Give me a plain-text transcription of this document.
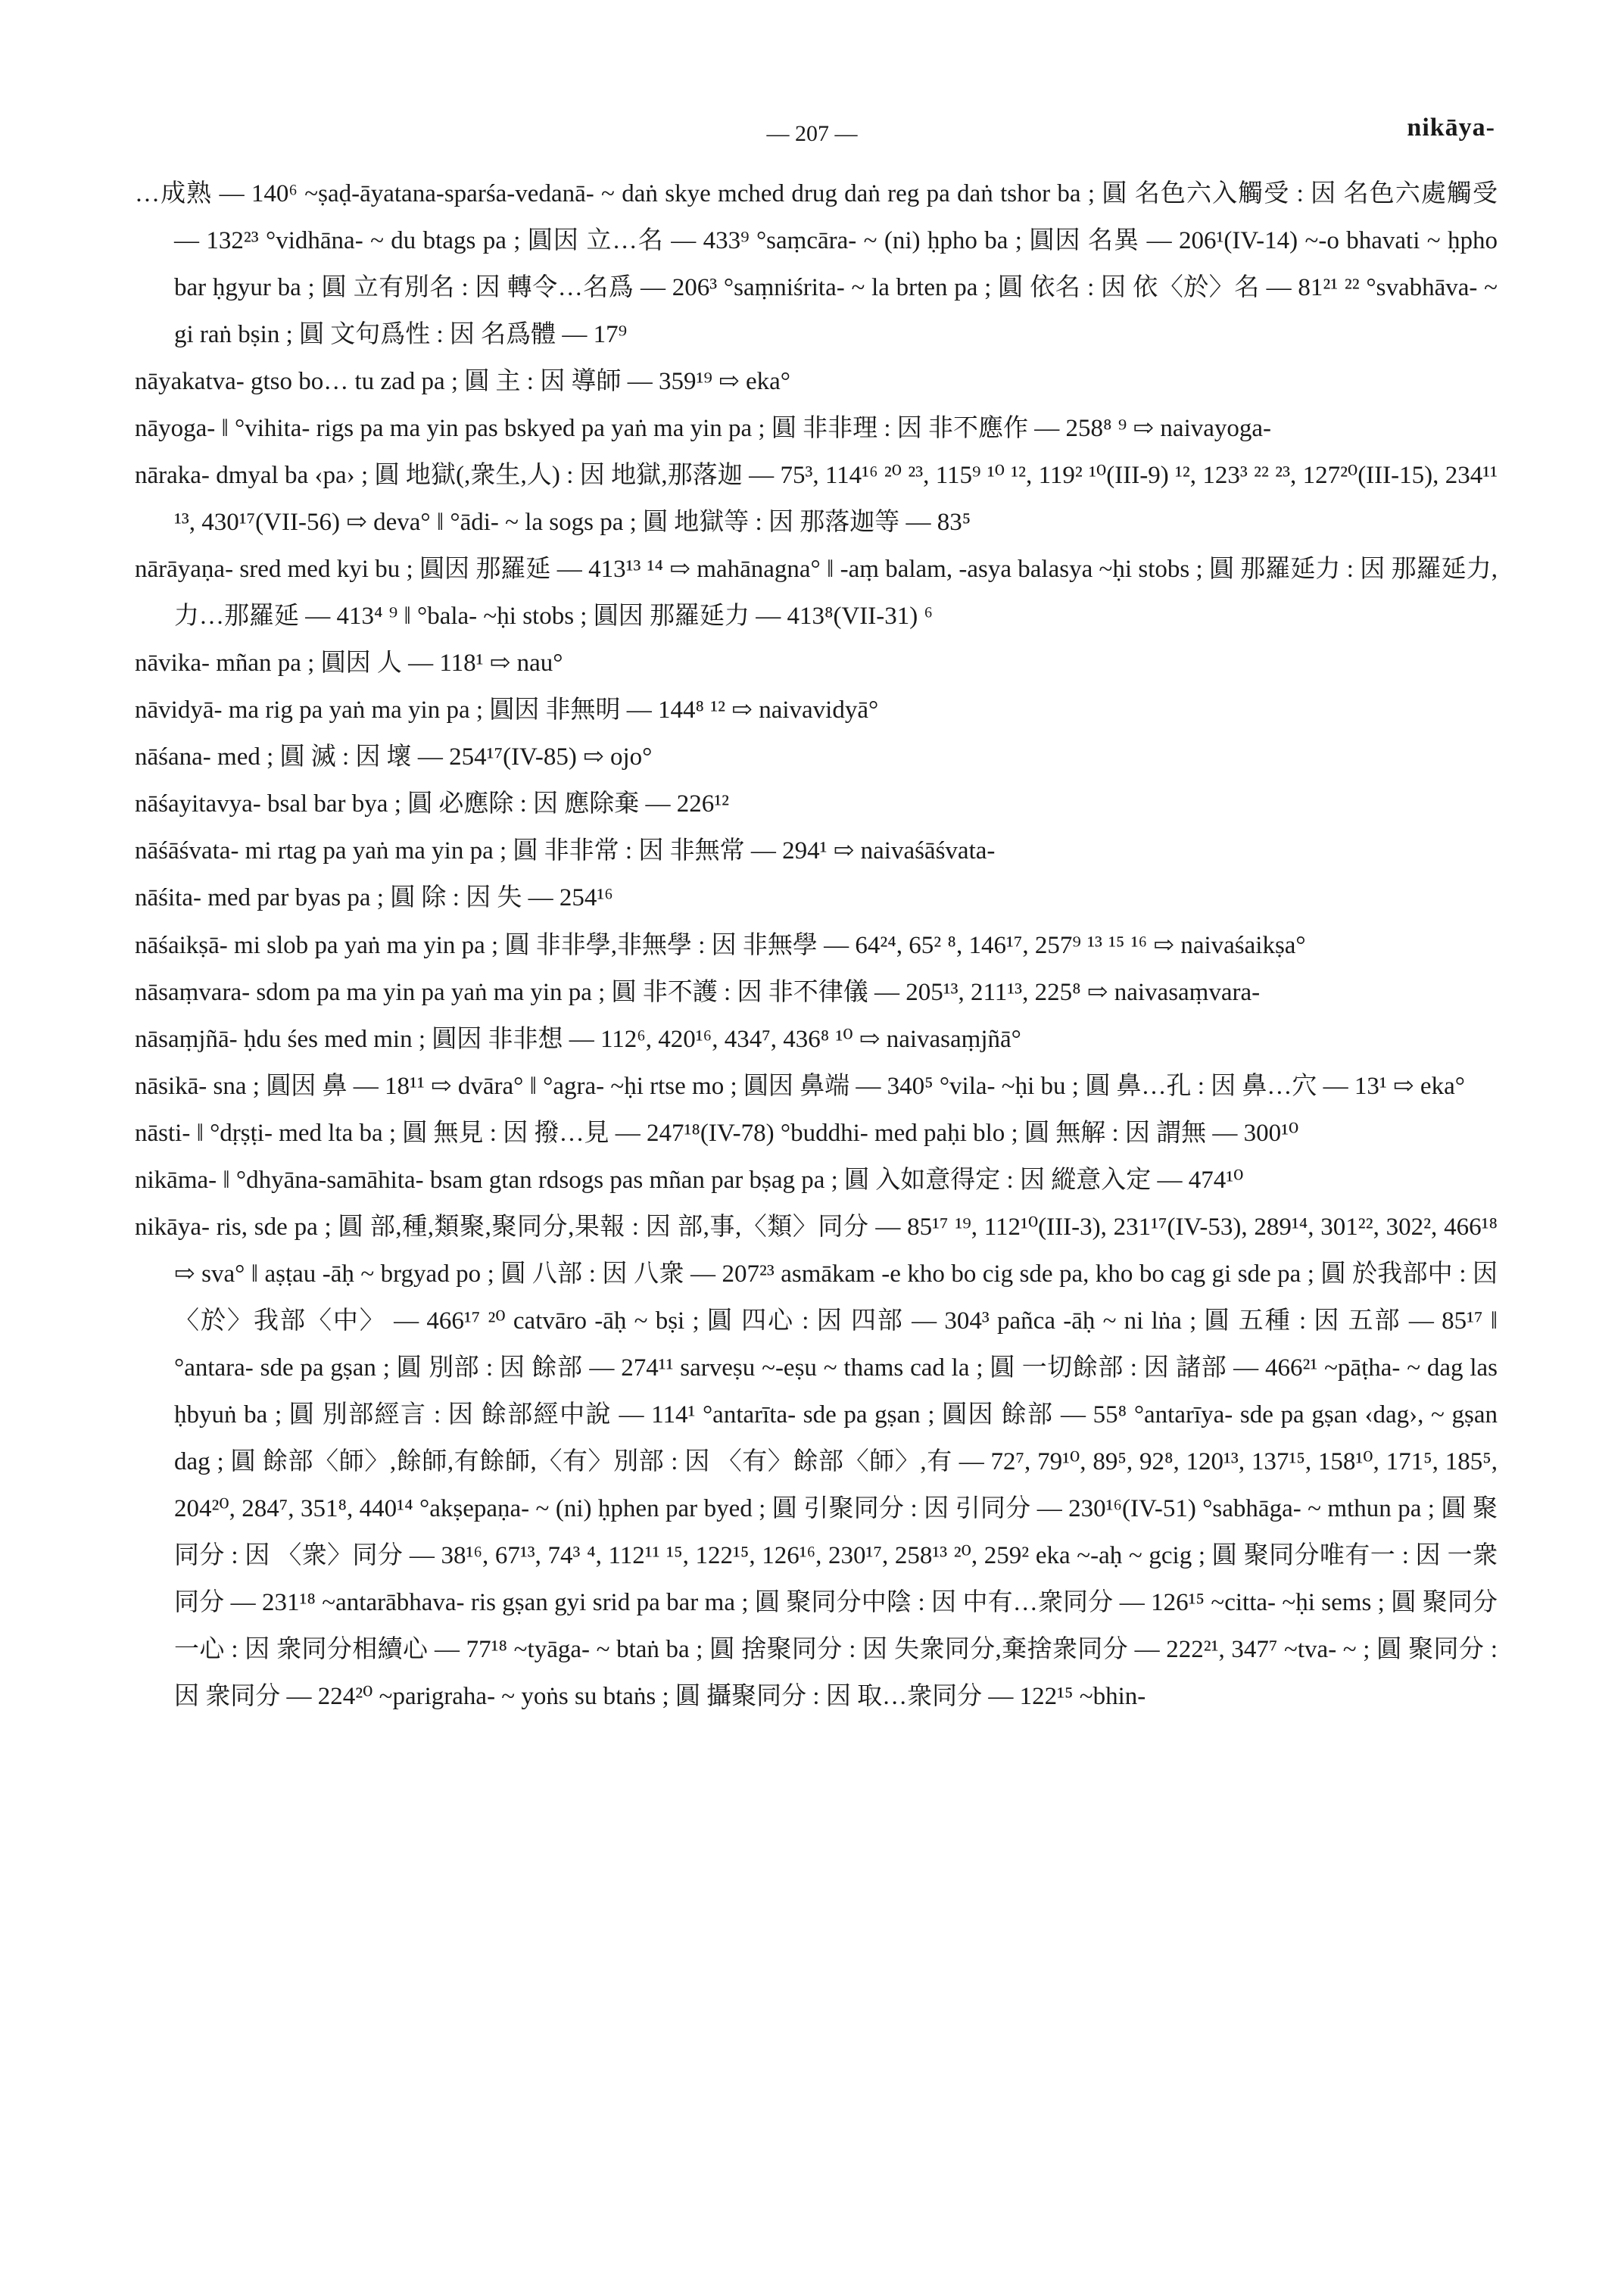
— 207 —	nikāya-
…成熟 — 140⁶ ~ṣaḍ-āyatana-sparśa-vedanā- ~ daṅ skye mched drug daṅ reg pa daṅ tshor ba ; 圓 名色六入觸受 : 因 名色六處觸受 — 132²³ °vidhāna- ~ du btags pa ; 圓因 立…名 — 433⁹ °saṃcāra- ~ (ni) ḥpho ba ; 圓因 名異 — 206¹(IV-14) ~-o bhavati ~ ḥpho bar ḥgyur ba ; 圓 立有別名 : 因 轉令…名爲 — 206³ °saṃniśrita- ~ la brten pa ; 圓 依名 : 因 依〈於〉名 — 81²¹ ²² °svabhāva- ~ gi raṅ bṣin ; 圓 文句爲性 : 因 名爲體 — 17⁹
nāyakatva- gtso bo… tu zad pa ; 圓 主 : 因 導師 — 359¹⁹ ⇨ eka°
nāyoga- ‖ °vihita- rigs pa ma yin pas bskyed pa yaṅ ma yin pa ; 圓 非非理 : 因 非不應作 — 258⁸ ⁹ ⇨ naivayoga-
nāraka- dmyal ba ‹pa› ; 圓 地獄(,衆生,人) : 因 地獄,那落迦 — 75³, 114¹⁶ ²⁰ ²³, 115⁹ ¹⁰ ¹², 119² ¹⁰(III-9) ¹², 123³ ²² ²³, 127²⁰(III-15), 234¹¹ ¹³, 430¹⁷(VII-56) ⇨ deva° ‖ °ādi- ~ la sogs pa ; 圓 地獄等 : 因 那落迦等 — 83⁵
nārāyaṇa- sred med kyi bu ; 圓因 那羅延 — 413¹³ ¹⁴ ⇨ mahānagna° ‖ -aṃ balam, -asya balasya ~ḥi stobs ; 圓 那羅延力 : 因 那羅延力,力…那羅延 — 413⁴ ⁹ ‖ °bala- ~ḥi stobs ; 圓因 那羅延力 — 413⁸(VII-31) ⁶
nāvika- mñan pa ; 圓因 人 — 118¹ ⇨ nau°
nāvidyā- ma rig pa yaṅ ma yin pa ; 圓因 非無明 — 144⁸ ¹² ⇨ naivavidyā°
nāśana- med ; 圓 滅 : 因 壞 — 254¹⁷(IV-85) ⇨ ojo°
nāśayitavya- bsal bar bya ; 圓 必應除 : 因 應除棄 — 226¹²
nāśāśvata- mi rtag pa yaṅ ma yin pa ; 圓 非非常 : 因 非無常 — 294¹ ⇨ naivaśāśvata-
nāśita- med par byas pa ; 圓 除 : 因 失 — 254¹⁶
nāśaikṣā- mi slob pa yaṅ ma yin pa ; 圓 非非學,非無學 : 因 非無學 — 64²⁴, 65² ⁸, 146¹⁷, 257⁹ ¹³ ¹⁵ ¹⁶ ⇨ naivaśaikṣa°
nāsaṃvara- sdom pa ma yin pa yaṅ ma yin pa ; 圓 非不護 : 因 非不律儀 — 205¹³, 211¹³, 225⁸ ⇨ naivasaṃvara-
nāsaṃjñā- ḥdu śes med min ; 圓因 非非想 — 112⁶, 420¹⁶, 434⁷, 436⁸ ¹⁰ ⇨ naivasaṃjñā°
nāsikā- sna ; 圓因 鼻 — 18¹¹ ⇨ dvāra° ‖ °agra- ~ḥi rtse mo ; 圓因 鼻端 — 340⁵ °vila- ~ḥi bu ; 圓 鼻…孔 : 因 鼻…穴 — 13¹ ⇨ eka°
nāsti- ‖ °dṛṣṭi- med lta ba ; 圓 無見 : 因 撥…見 — 247¹⁸(IV-78) °buddhi- med paḥi blo ; 圓 無解 : 因 謂無 — 300¹⁰
nikāma- ‖ °dhyāna-samāhita- bsam gtan rdsogs pas mñan par bṣag pa ; 圓 入如意得定 : 因 縱意入定 — 474¹⁰
nikāya- ris, sde pa ; 圓 部,種,類聚,聚同分,果報 : 因 部,事,〈類〉同分 — 85¹⁷ ¹⁹, 112¹⁰(III-3), 231¹⁷(IV-53), 289¹⁴, 301²², 302², 466¹⁸ ⇨ sva° ‖ aṣṭau -āḥ ~ brgyad po ; 圓 八部 : 因 八衆 — 207²³ asmākam -e kho bo cig sde pa, kho bo cag gi sde pa ; 圓 於我部中 : 因 〈於〉我部〈中〉 — 466¹⁷ ²⁰ catvāro -āḥ ~ bṣi ; 圓 四心 : 因 四部 — 304³ pañca -āḥ ~ ni lṅa ; 圓 五種 : 因 五部 — 85¹⁷ ‖ °antara- sde pa gṣan ; 圓 別部 : 因 餘部 — 274¹¹ sarveṣu ~-eṣu ~ thams cad la ; 圓 一切餘部 : 因 諸部 — 466²¹ ~pāṭha- ~ dag las ḥbyuṅ ba ; 圓 別部經言 : 因 餘部經中說 — 114¹ °antarīta- sde pa gṣan ; 圓因 餘部 — 55⁸ °antarīya- sde pa gṣan ‹dag›, ~ gṣan dag ; 圓 餘部〈師〉,餘師,有餘師,〈有〉別部 : 因 〈有〉餘部〈師〉,有 — 72⁷, 79¹⁰, 89⁵, 92⁸, 120¹³, 137¹⁵, 158¹⁰, 171⁵, 185⁵, 204²⁰, 284⁷, 351⁸, 440¹⁴ °akṣepaṇa- ~ (ni) ḥphen par byed ; 圓 引聚同分 : 因 引同分 — 230¹⁶(IV-51) °sabhāga- ~ mthun pa ; 圓 聚同分 : 因 〈衆〉同分 — 38¹⁶, 67¹³, 74³ ⁴, 112¹¹ ¹⁵, 122¹⁵, 126¹⁶, 230¹⁷, 258¹³ ²⁰, 259² eka ~-aḥ ~ gcig ; 圓 聚同分唯有一 : 因 一衆同分 — 231¹⁸ ~antarābhava- ris gṣan gyi srid pa bar ma ; 圓 聚同分中陰 : 因 中有…衆同分 — 126¹⁵ ~citta- ~ḥi sems ; 圓 聚同分一心 : 因 衆同分相續心 — 77¹⁸ ~tyāga- ~ btaṅ ba ; 圓 捨聚同分 : 因 失衆同分,棄捨衆同分 — 222²¹, 347⁷ ~tva- ~ ; 圓 聚同分 : 因 衆同分 — 224²⁰ ~parigraha- ~ yoṅs su btaṅs ; 圓 攝聚同分 : 因 取…衆同分 — 122¹⁵ ~bhin-
